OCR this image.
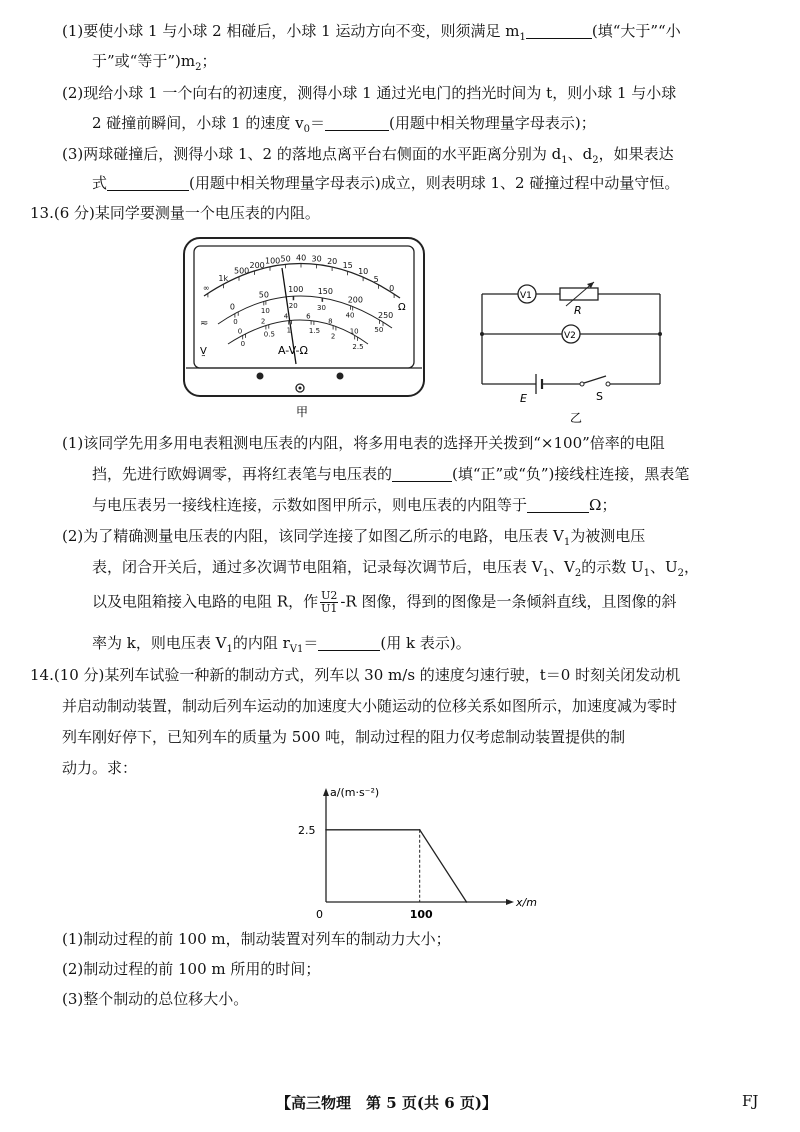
(1)要使小球 1 与小球 2 相碰后，小球 1 运动方向不变，则须满足 $m_1$	(填“大于”“小
于”或“等于$”)m_2$；
(2)现给小球 1 一个向右的初速度，测得小球 1 通过光电门的挡光时间为 t，则小球 1 与小球
2 碰撞前瞬间，小球 1 的速度 $v_0=$	(用题中相关物理量字母表示)；
(3)两球碰撞后，测得小球 1、2 的落地点离平台右侧面的水平距离分别为 $d_1$、$d_2$，如果表达
式	(用题中相关物理量字母表示)成立，则表明球 1、2 碰撞过程中动量守恒。
13.(6 分)某同学要测量一个电压表的内阻。
∞
1k
500
200 100 50 40 30 20 15
10
5
0
0
50
100 150
200
250
0
10
20	30
40
50
0
2
4	6
8
10
0
0.5
1	1.5
2
2.5
Ω
≂
V̰	A-V-Ω
甲
V1
R
V2
E	S
乙
(1)该同学先用多用电表粗测电压表的内阻，将多用电表的选择开关拨到“×100”倍率的电阻
挡，先进行欧姆调零，再将红表笔与电压表的	(填“正”或“负”)接线柱连接，黑表笔
与电压表另一接线柱连接，示数如图甲所示，则电压表的内阻等于	Ω；
(2)为了精确测量电压表的内阻，该同学连接了如图乙所示的电路，电压表 $V_1$为被测电压
表，闭合开关后，通过多次调节电阻箱，记录每次调节后，电压表 $V_1$、$V_2$的示数 $U_1$、$U_2$，
以及电阻箱接入电路的电阻 R，作 $\frac{U2}{U1} -R$ 图像，得到的图像是一条倾斜直线，且图像的斜
率为 k，则电压表 $V_1$的内阻 $r_{V1}=$	(用 k 表示)。
14.(10 分)某列车试验一种新的制动方式，列车以 30 m/s 的速度匀速行驶，t＝0 时刻关闭发动机
并启动制动装置，制动后列车运动的加速度大小随运动的位移关系如图所示，加速度减为零时
列车刚好停下，已知列车的质量为 500 吨，制动过程的阻力仅考虑制动装置提供的制
动力。求：
x/m
a/(m·s⁻²)
0	100
2.5
(1)制动过程的前 100 m，制动装置对列车的制动力大小；
(2)制动过程的前 100 m 所用的时间；
(3)整个制动的总位移大小。
【高三物理　第 5 页(共 6 页)】	FJ
